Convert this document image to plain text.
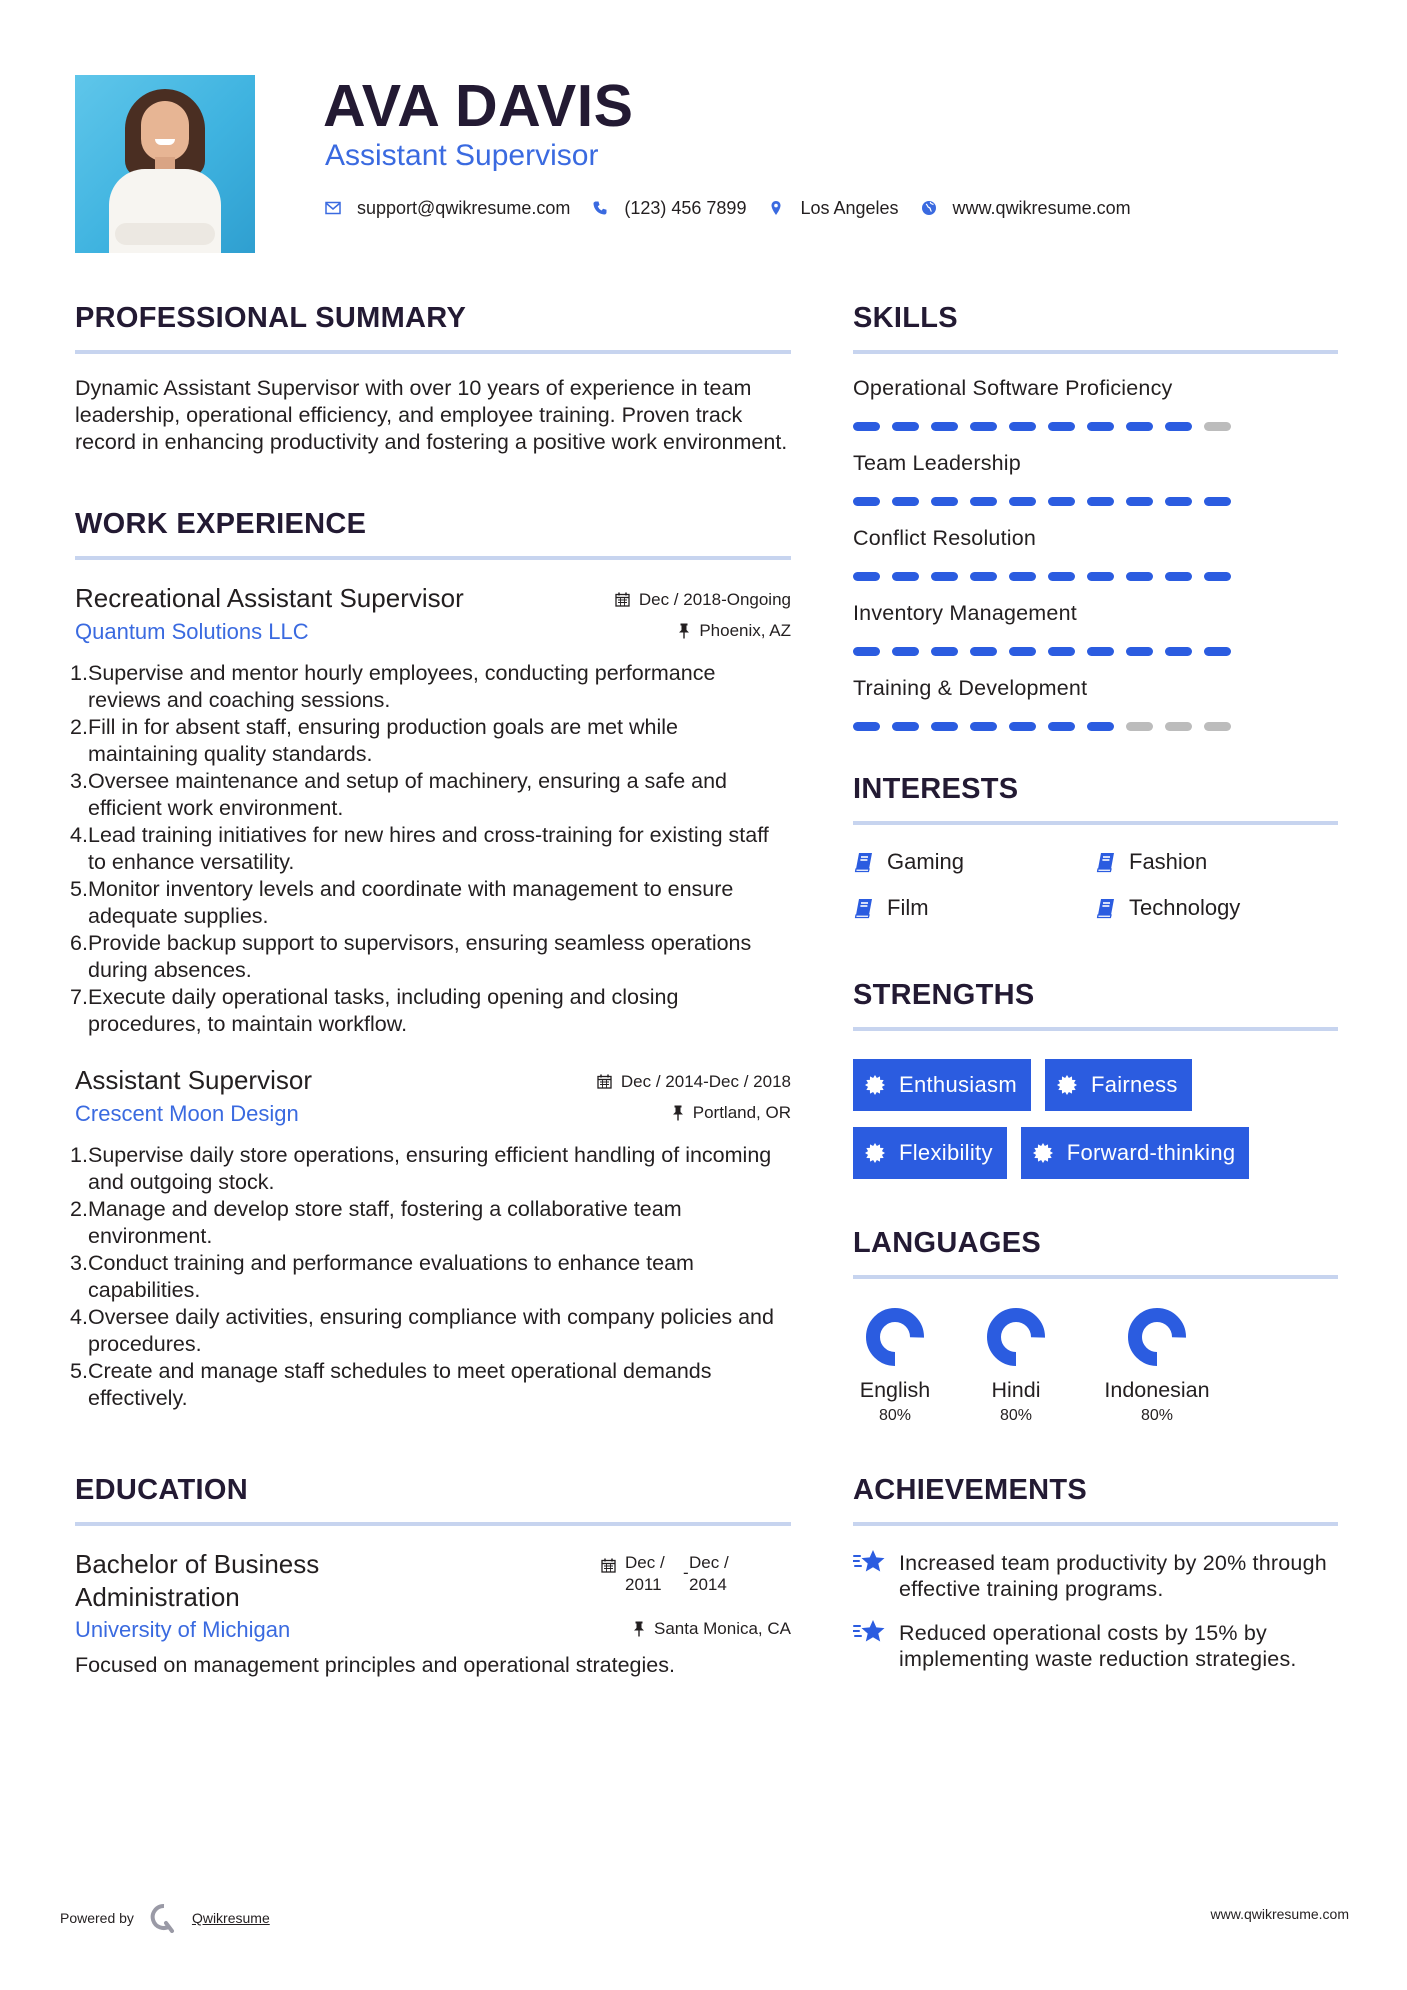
AVA DAVIS
Assistant Supervisor
support@qwikresume.com	(123) 456 7899	Los Angeles	www.qwikresume.com
PROFESSIONAL SUMMARY

Dynamic Assistant Supervisor with over 10 years of experience in team leadership, operational efficiency, and employee training. Proven track record in enhancing productivity and fostering a positive work environment.

WORK EXPERIENCE
Recreational Assistant Supervisor	Dec / 2018-Ongoing
Quantum Solutions LLC	Phoenix, AZ
1. Supervise and mentor hourly employees, conducting performance reviews and coaching sessions.
2. Fill in for absent staff, ensuring production goals are met while maintaining quality standards.
3. Oversee maintenance and setup of machinery, ensuring a safe and efficient work environment.
4. Lead training initiatives for new hires and cross-training for existing staff to enhance versatility.
5. Monitor inventory levels and coordinate with management to ensure adequate supplies.
6. Provide backup support to supervisors, ensuring seamless operations during absences.
7. Execute daily operational tasks, including opening and closing procedures, to maintain workflow.
Assistant Supervisor	Dec / 2014-Dec / 2018
Crescent Moon Design	Portland, OR
1. Supervise daily store operations, ensuring efficient handling of incoming and outgoing stock.
2. Manage and develop store staff, fostering a collaborative team environment.
3. Conduct training and performance evaluations to enhance team capabilities.
4. Oversee daily activities, ensuring compliance with company policies and procedures.
5. Create and manage staff schedules to meet operational demands effectively.
EDUCATION
Bachelor of Business Administration
Dec /
2011
-
Dec /
2014
University of Michigan	Santa Monica, CA

Focused on management principles and operational strategies.

SKILLS
Operational Software Proficiency
Team Leadership
Conflict Resolution
Inventory Management
Training & Development
INTERESTS
Gaming	Fashion
Film	Technology
STRENGTHS
Enthusiasm	Fairness
Flexibility	Forward-thinking
LANGUAGES
English
80%
Hindi
80%
Indonesian
80%
ACHIEVEMENTS
Increased team productivity by 20% through effective training programs.
Reduced operational costs by 15% by implementing waste reduction strategies.
Powered by	Qwikresume	www.qwikresume.com
